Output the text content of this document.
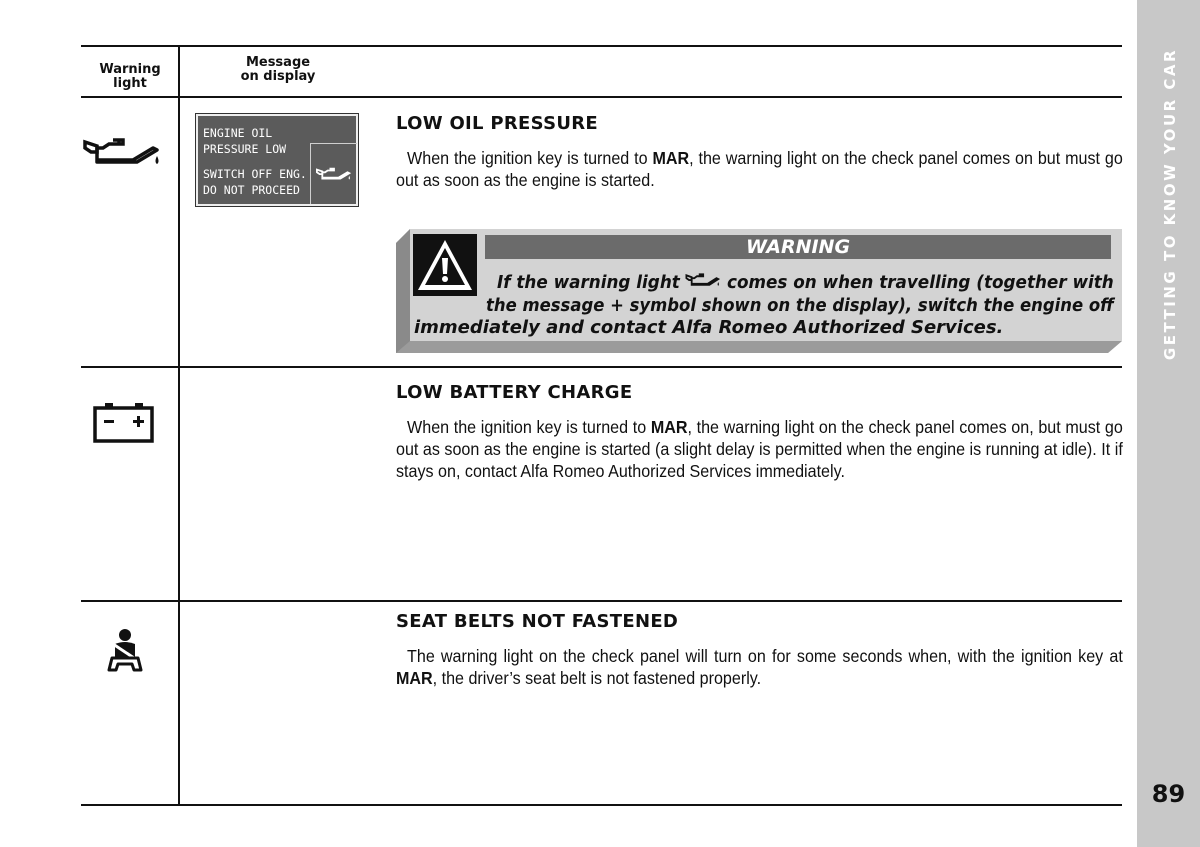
Warning light
Message
on display
ENGINE OIL
PRESSURE LOW
SWITCH OFF ENG.
DO NOT PROCEED
LOW OIL PRESSURE
When the ignition key is turned to MAR, the warning light on the check panel comes on but must go out as soon as the engine is started.
WARNING
If the warning light	comes on when travelling (together with
the message + symbol shown on the display), switch the engine off
immediately and contact Alfa Romeo Authorized Services.
LOW BATTERY CHARGE
When the ignition key is turned to MAR, the warning light on the check panel comes on, but must go out as soon as the engine is started (a slight delay is permitted when the engine is running at idle). It if stays on, contact Alfa Romeo Authorized Services immediately.
SEAT BELTS NOT FASTENED
The warning light on the check panel will turn on for some seconds when, with the ignition key at MAR, the driver’s seat belt is not fastened properly.
GETTING TO KNOW YOUR CAR
89
